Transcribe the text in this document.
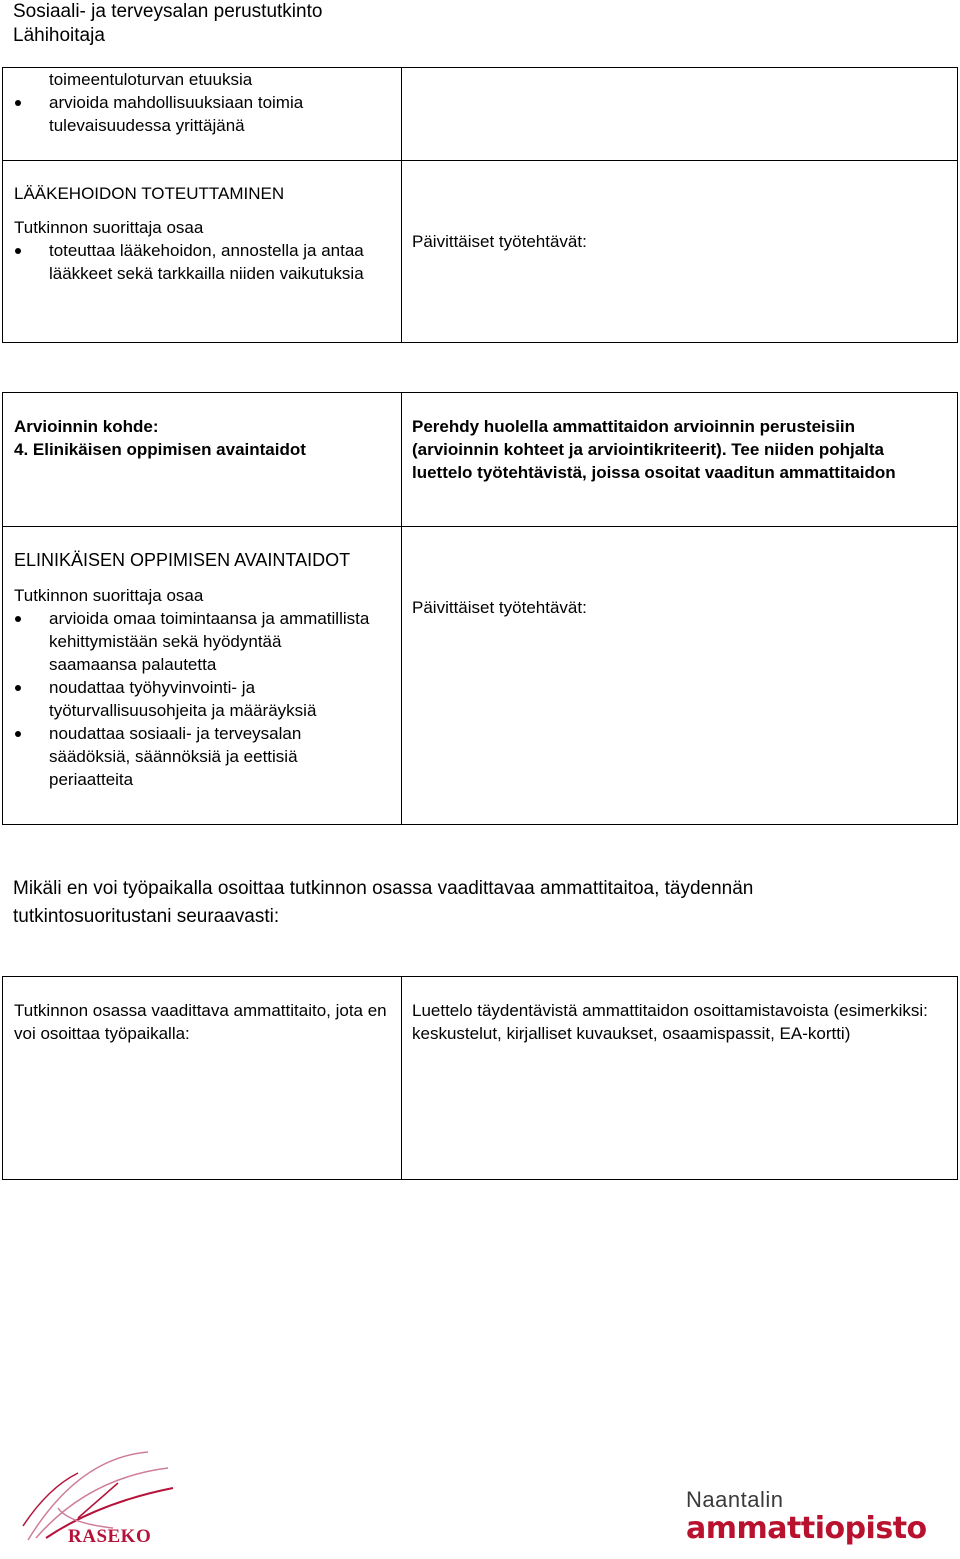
Sosiaali- ja terveysalan perustutkinto
Lähihoitaja
toimeentuloturvan etuuksia
arvioida mahdollisuuksiaan toimia tulevaisuudessa yrittäjänä
LÄÄKEHOIDON TOTEUTTAMINEN
Tutkinnon suorittaja osaa
toteuttaa lääkehoidon, annostella ja antaa lääkkeet sekä tarkkailla niiden vaikutuksia
Päivittäiset työtehtävät:
Arvioinnin kohde:
4. Elinikäisen oppimisen avaintaidot
Perehdy huolella ammattitaidon arvioinnin perusteisiin (arvioinnin kohteet ja arviointikriteerit). Tee niiden pohjalta luettelo työtehtävistä, joissa osoitat vaaditun ammattitaidon
ELINIKÄISEN OPPIMISEN AVAINTAIDOT
Tutkinnon suorittaja osaa
arvioida omaa toimintaansa ja ammatillista kehittymistään sekä hyödyntää saamaansa palautetta
noudattaa työhyvinvointi- ja työturvallisuusohjeita ja määräyksiä
noudattaa sosiaali- ja terveysalan säädöksiä, säännöksiä ja eettisiä periaatteita
Päivittäiset työtehtävät:
Mikäli en voi työpaikalla osoittaa tutkinnon osassa vaadittavaa ammattitaitoa, täydennän tutkintosuoritustani seuraavasti:
Tutkinnon osassa vaadittava ammattitaito, jota en voi osoittaa työpaikalla:
Luettelo täydentävistä ammattitaidon osoittamistavoista (esimerkiksi: keskustelut, kirjalliset kuvaukset, osaamispassit, EA-kortti)
RASEKO
Naantalin
ammattiopisto
